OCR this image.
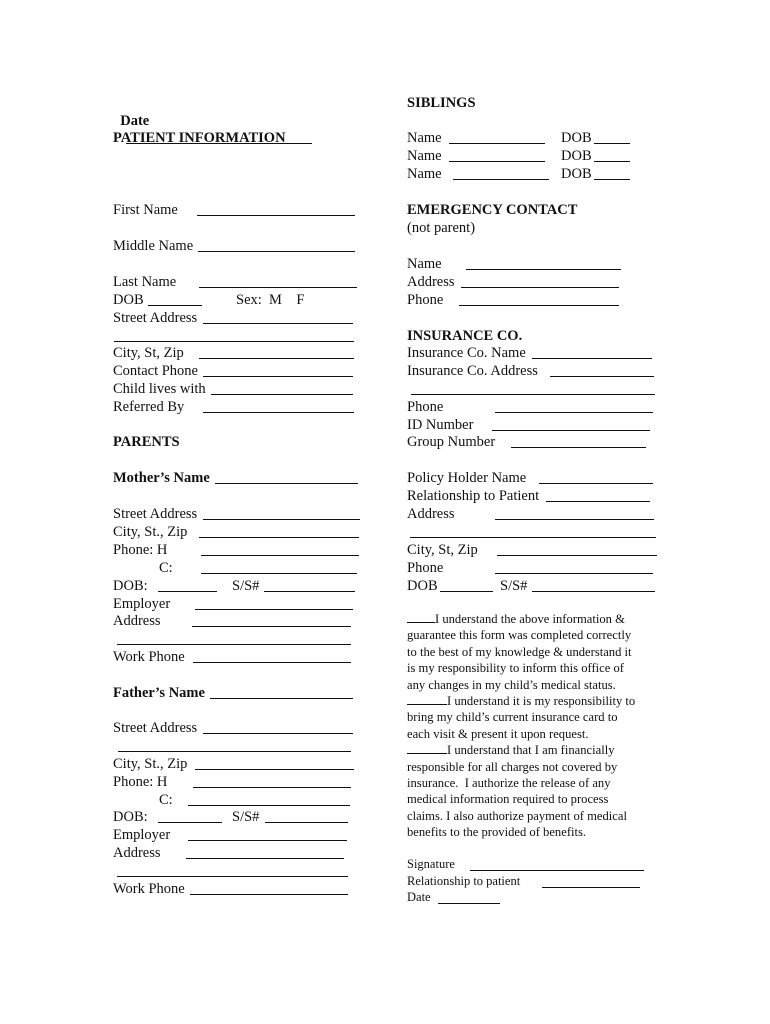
Date

PATIENT INFORMATION
First Name
Middle Name
Last Name
DOB	Sex:  M    F
Street Address
City, St, Zip
Contact Phone
Child lives with
Referred By
PARENTS
Mother’s Name
Street Address
City, St., Zip
Phone: H
C:
DOB:	S/S#
Employer
Address
Work Phone
Father’s Name
Street Address
City, St., Zip
Phone: H
C:
DOB:	S/S#
Employer
Address
Work Phone
SIBLINGS
Name	DOB
Name	DOB
Name	DOB
EMERGENCY CONTACT
(not parent)
Name
Address
Phone
INSURANCE CO.
Insurance Co. Name
Insurance Co. Address
Phone
ID Number
Group Number
Policy Holder Name
Relationship to Patient
Address
City, St, Zip
Phone
DOB	S/S#
I understand the above information &
guarantee this form was completed correctly
to the best of my knowledge & understand it
is my responsibility to inform this office of
any changes in my child’s medical status.
I understand it is my responsibility to
bring my child’s current insurance card to
each visit & present it upon request.
I understand that I am financially
responsible for all charges not covered by
insurance.  I authorize the release of any
medical information required to process
claims. I also authorize payment of medical
benefits to the provided of benefits.
Signature
Relationship to patient
Date
